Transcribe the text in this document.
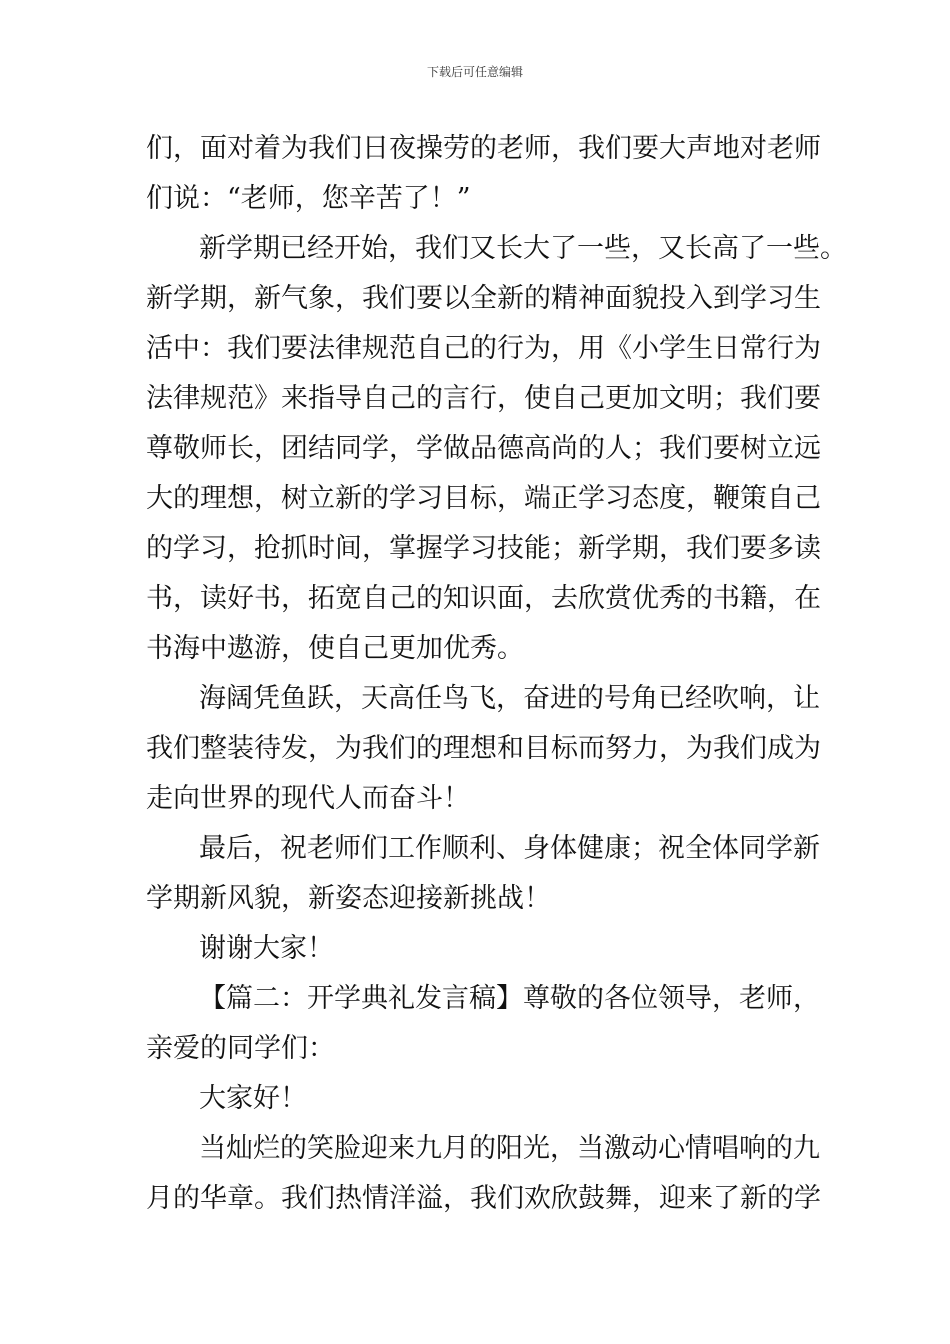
下载后可任意编辑
们，面对着为我们日夜操劳的老师，我们要大声地对老师
们说：“老师，您辛苦了！”
新学期已经开始，我们又长大了一些，又长高了一些。
新学期，新气象，我们要以全新的精神面貌投入到学习生
活中：我们要法律规范自己的行为，用《小学生日常行为
法律规范》来指导自己的言行，使自己更加文明；我们要
尊敬师长，团结同学，学做品德高尚的人；我们要树立远
大的理想，树立新的学习目标，端正学习态度，鞭策自己
的学习，抢抓时间，掌握学习技能；新学期，我们要多读
书，读好书，拓宽自己的知识面，去欣赏优秀的书籍，在
书海中遨游，使自己更加优秀。
海阔凭鱼跃，天高任鸟飞，奋进的号角已经吹响，让
我们整装待发，为我们的理想和目标而努力，为我们成为
走向世界的现代人而奋斗！
最后，祝老师们工作顺利、身体健康；祝全体同学新
学期新风貌，新姿态迎接新挑战！
谢谢大家！
【篇二：开学典礼发言稿】尊敬的各位领导，老师，
亲爱的同学们：
大家好！
当灿烂的笑脸迎来九月的阳光，当激动心情唱响的九
月的华章。我们热情洋溢，我们欢欣鼓舞，迎来了新的学
